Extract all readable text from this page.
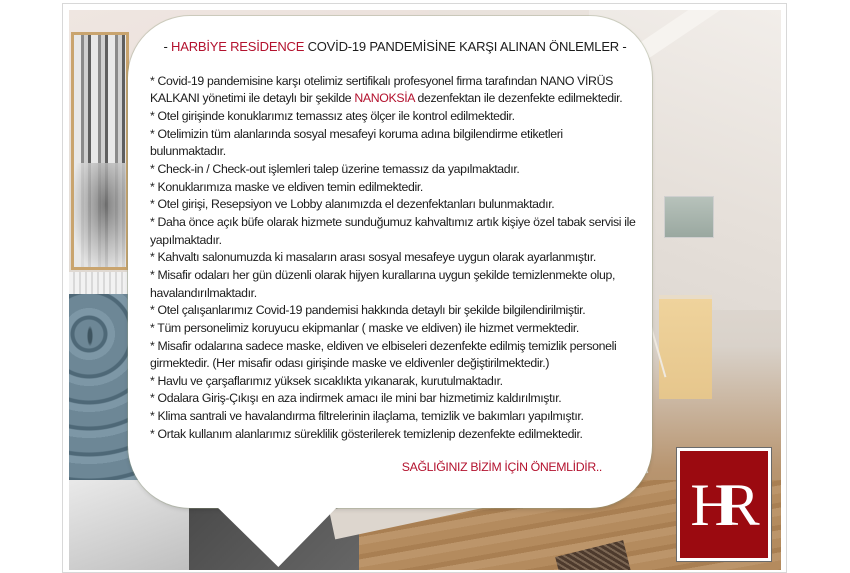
- HARBİYE RESİDENCE COVİD-19 PANDEMİSİNE KARŞI ALINAN ÖNLEMLER -
* Covid-19 pandemisine karşı otelimiz sertifikalı profesyonel firma tarafından NANO VİRÜS KALKANI yönetimi ile detaylı bir şekilde NANOKSİA dezenfektan ile dezenfekte edilmektedir.
* Otel girişinde konuklarımız temassız ateş ölçer ile kontrol edilmektedir.
* Otelimizin tüm alanlarında sosyal mesafeyi koruma adına bilgilendirme etiketleri bulunmaktadır.
* Check-in / Check-out işlemleri talep üzerine temassız da yapılmaktadır.
* Konuklarımıza maske ve eldiven temin edilmektedir.
* Otel girişi, Resepsiyon ve Lobby alanımızda el dezenfektanları bulunmaktadır.
* Daha önce açık büfe olarak hizmete sunduğumuz kahvaltımız artık kişiye özel tabak servisi ile yapılmaktadır.
* Kahvaltı salonumuzda ki masaların arası sosyal mesafeye uygun olarak ayarlanmıştır.
* Misafir odaları her gün düzenli olarak hijyen kurallarına uygun şekilde temizlenmekte olup, havalandırılmaktadır.
* Otel çalışanlarımız Covid-19 pandemisi hakkında detaylı bir şekilde bilgilendirilmiştir.
* Tüm personelimiz koruyucu ekipmanlar ( maske ve eldiven) ile hizmet vermektedir.
* Misafir odalarına sadece maske, eldiven ve elbiseleri dezenfekte edilmiş temizlik personeli girmektedir. (Her misafir odası girişinde maske ve eldivenler değiştirilmektedir.)
* Havlu ve çarşaflarımız yüksek sıcaklıkta yıkanarak, kurutulmaktadır.
* Odalara Giriş-Çıkışı en aza indirmek amacı ile mini bar hizmetimiz kaldırılmıştır.
* Klima santrali ve havalandırma filtrelerinin ilaçlama, temizlik ve bakımları yapılmıştır.
* Ortak kullanım alanlarımız süreklilik gösterilerek temizlenip dezenfekte edilmektedir.
SAĞLIĞINIZ BİZİM İÇİN ÖNEMLİDİR..
HR
